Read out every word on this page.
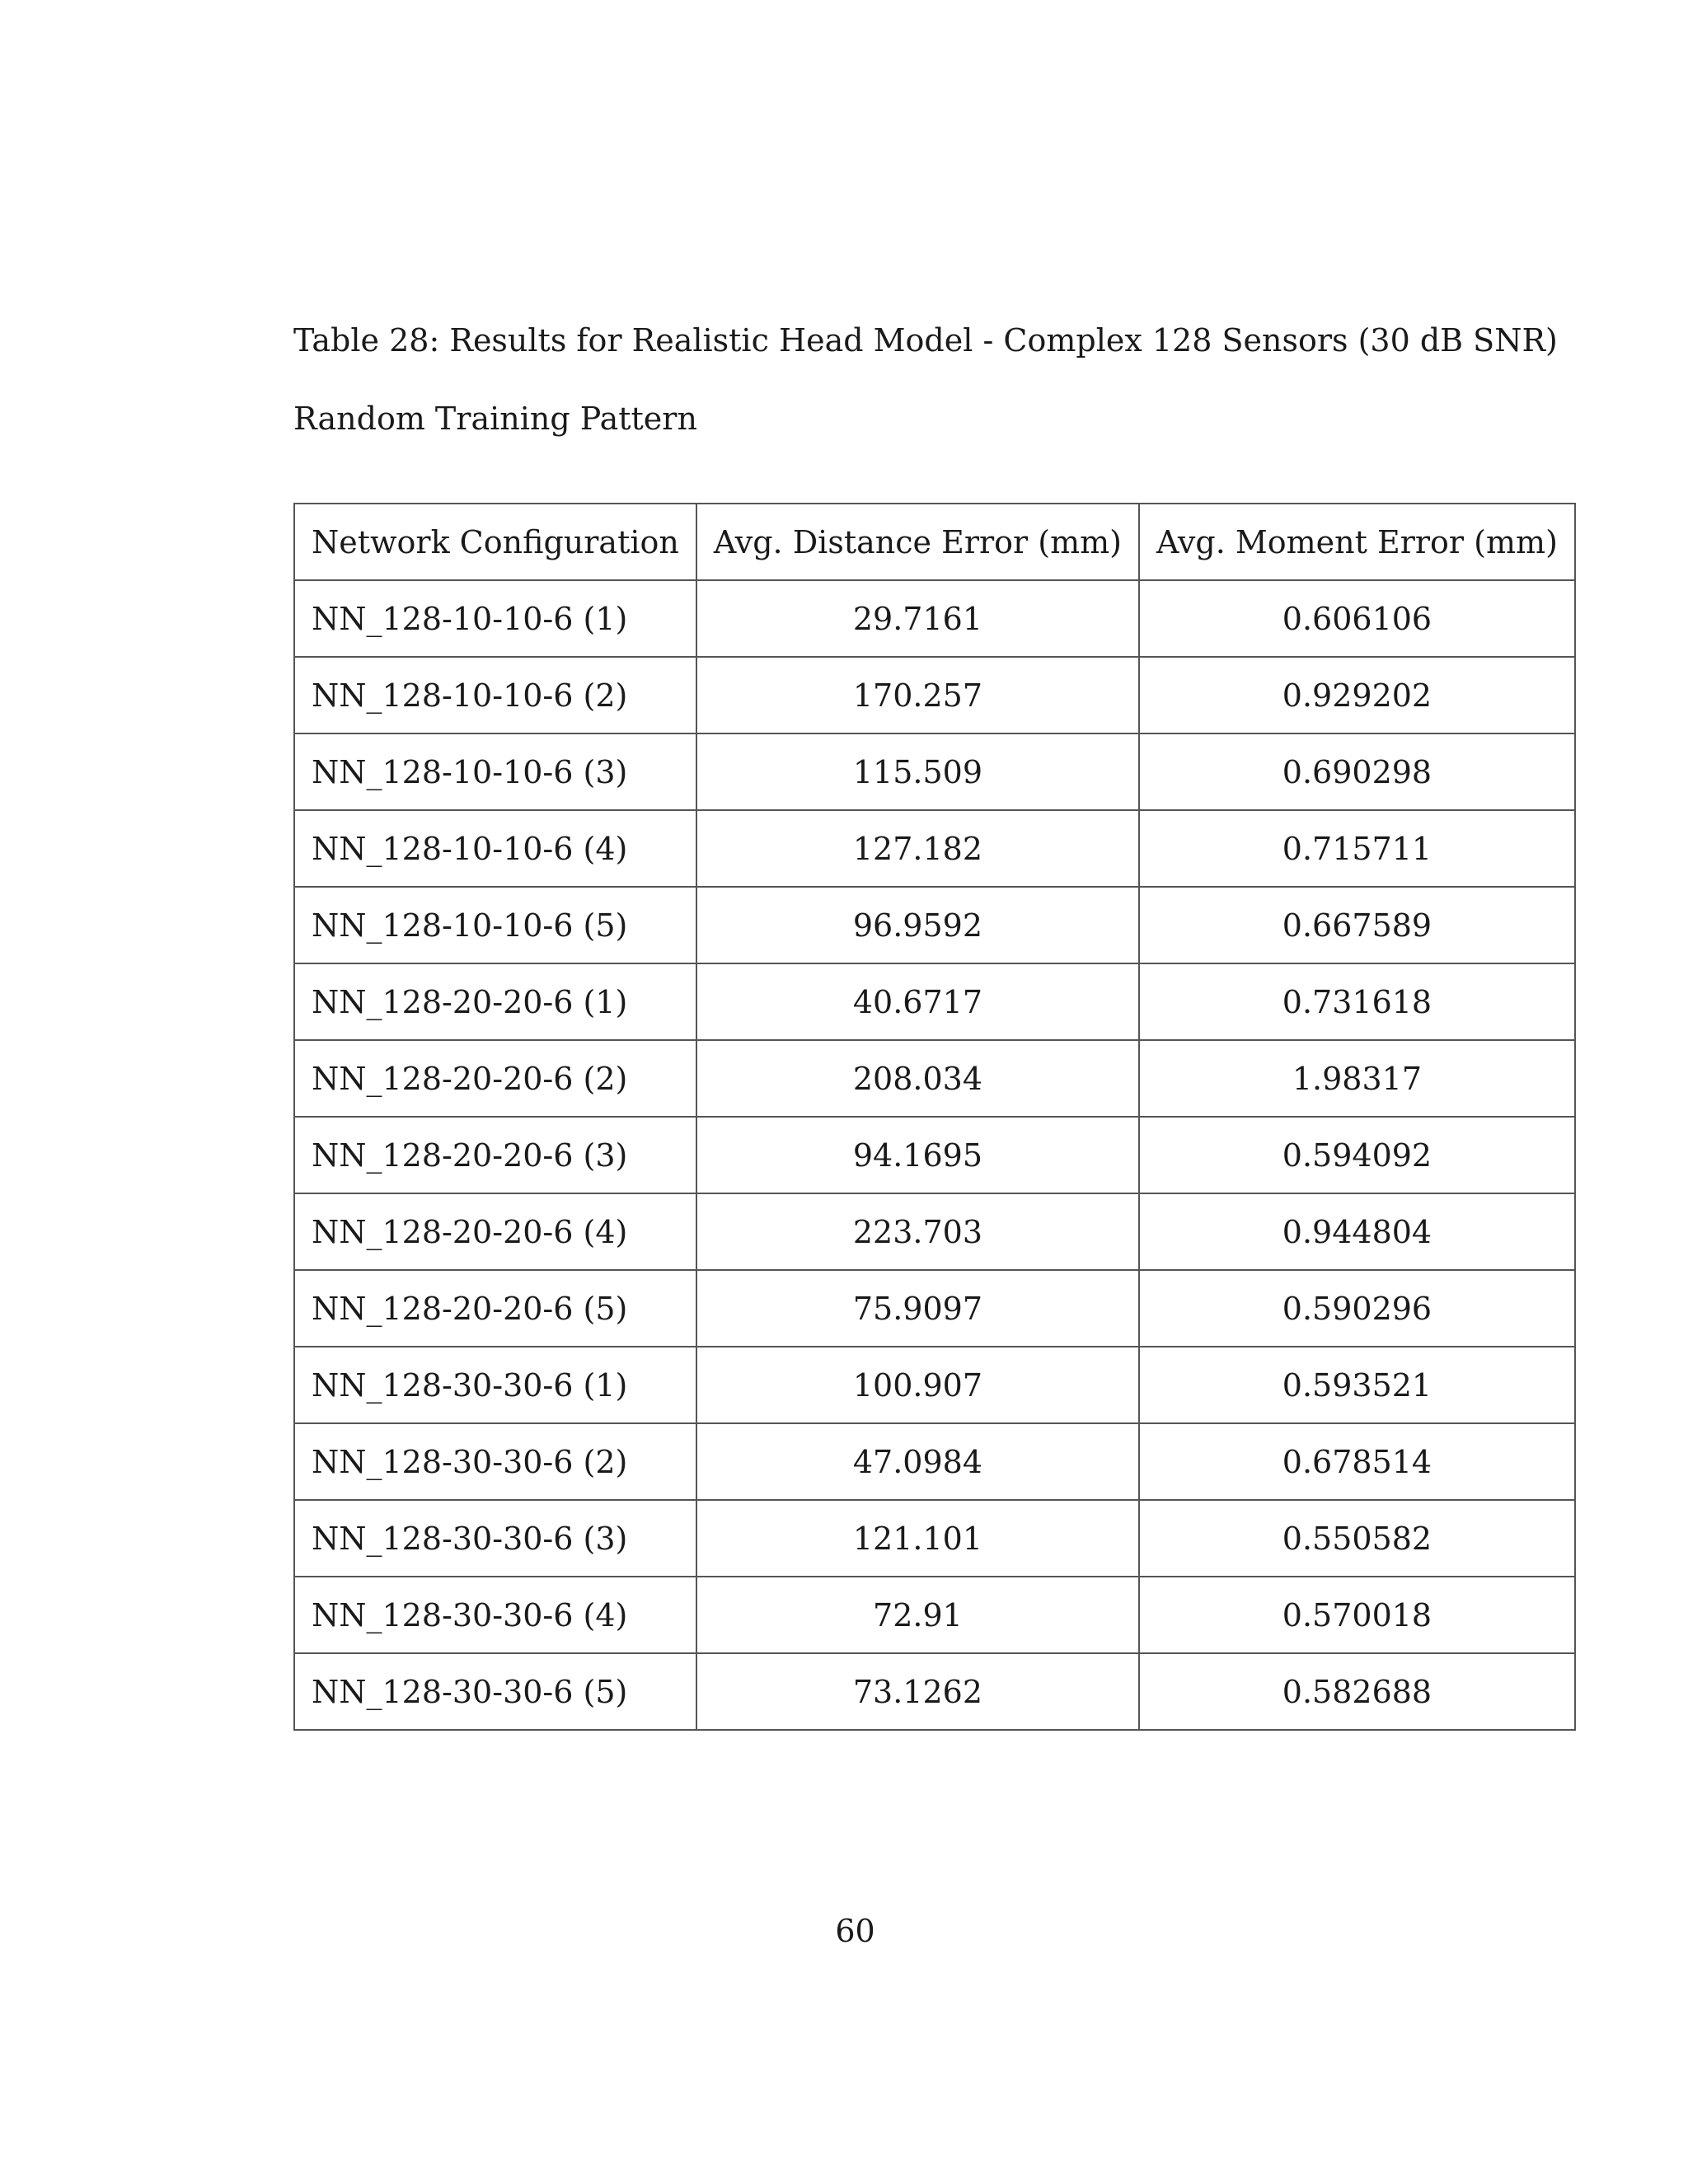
Table 28: Results for Realistic Head Model - Complex 128 Sensors (30 dB SNR)
Random Training Pattern
Network Configuration	Avg. Distance Error (mm)	Avg. Moment Error (mm)
NN_128-10-10-6 (1)	29.7161	0.606106
NN_128-10-10-6 (2)	170.257	0.929202
NN_128-10-10-6 (3)	115.509	0.690298
NN_128-10-10-6 (4)	127.182	0.715711
NN_128-10-10-6 (5)	96.9592	0.667589
NN_128-20-20-6 (1)	40.6717	0.731618
NN_128-20-20-6 (2)	208.034	1.98317
NN_128-20-20-6 (3)	94.1695	0.594092
NN_128-20-20-6 (4)	223.703	0.944804
NN_128-20-20-6 (5)	75.9097	0.590296
NN_128-30-30-6 (1)	100.907	0.593521
NN_128-30-30-6 (2)	47.0984	0.678514
NN_128-30-30-6 (3)	121.101	0.550582
NN_128-30-30-6 (4)	72.91	0.570018
NN_128-30-30-6 (5)	73.1262	0.582688
60
